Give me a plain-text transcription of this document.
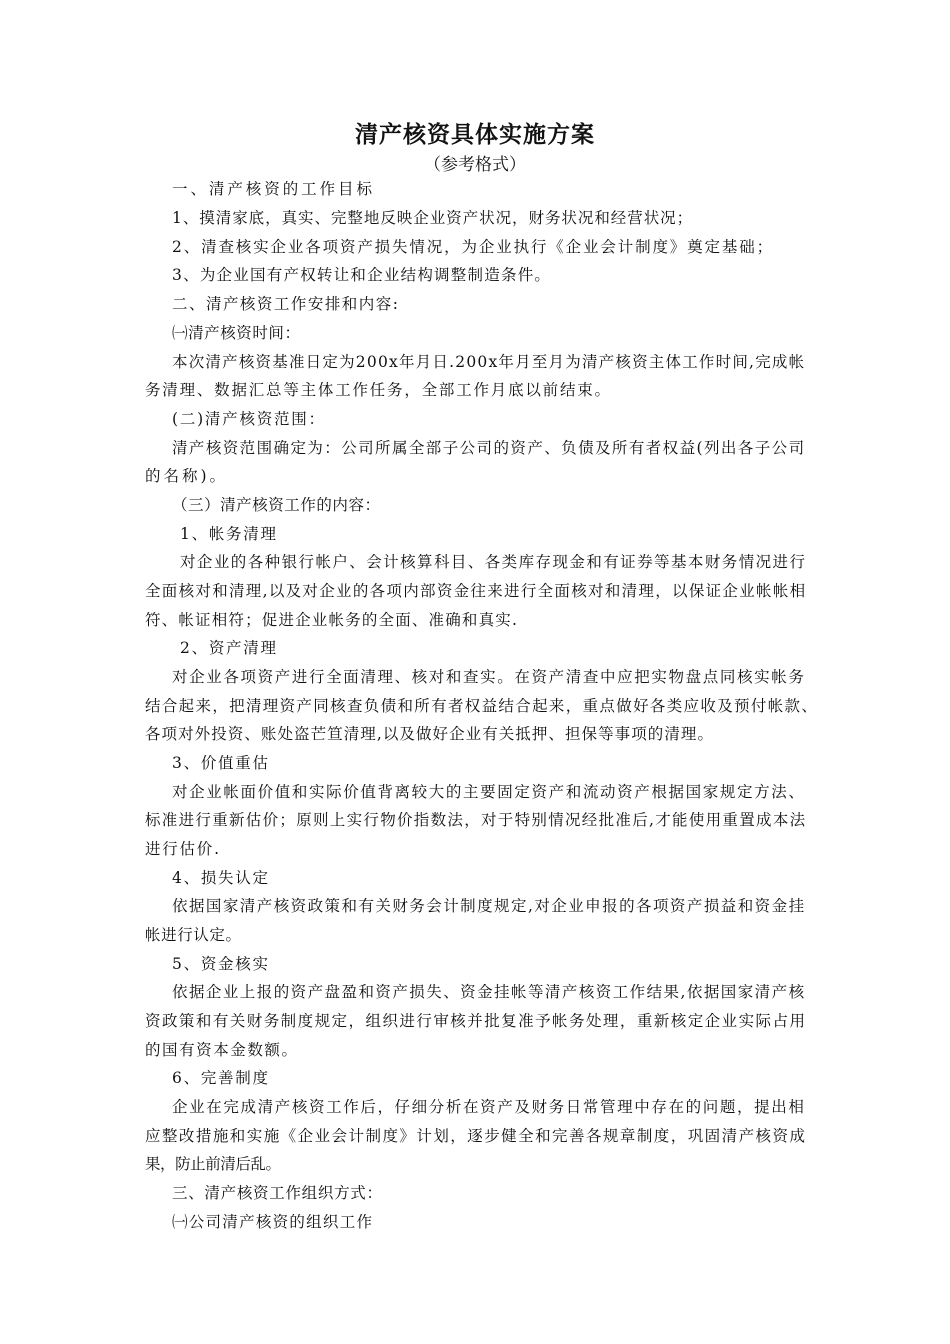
清产核资具体实施方案
（参考格式）
一、清产核资的工作目标
1、摸清家底，真实、完整地反映企业资产状况，财务状况和经营状况；
2、清查核实企业各项资产损失情况，为企业执行《企业会计制度》奠定基础；
3、为企业国有产权转让和企业结构调整制造条件。
二、清产核资工作安排和内容:
㈠清产核资时间：
本次清产核资基准日定为200x年月日.200x年月至月为清产核资主体工作时间,完成帐
务清理、数据汇总等主体工作任务，全部工作月底以前结束。
(二)清产核资范围：
清产核资范围确定为：公司所属全部子公司的资产、负债及所有者权益(列出各子公司
的名称)。
（三）清产核资工作的内容：
1、帐务清理
对企业的各种银行帐户、会计核算科目、各类库存现金和有证券等基本财务情况进行
全面核对和清理,以及对企业的各项内部资金往来进行全面核对和清理，以保证企业帐帐相
符、帐证相符；促进企业帐务的全面、准确和真实.
2、资产清理
对企业各项资产进行全面清理、核对和查实。在资产清查中应把实物盘点同核实帐务
结合起来，把清理资产同核查负债和所有者权益结合起来，重点做好各类应收及预付帐款、
各项对外投资、账处盗芒笪清理,以及做好企业有关抵押、担保等事项的清理。
3、价值重估
对企业帐面价值和实际价值背离较大的主要固定资产和流动资产根据国家规定方法、
标准进行重新估价；原则上实行物价指数法，对于特别情况经批准后,才能使用重置成本法
进行估价.
4、损失认定
依据国家清产核资政策和有关财务会计制度规定,对企业申报的各项资产损益和资金挂
帐进行认定。
5、资金核实
依据企业上报的资产盘盈和资产损失、资金挂帐等清产核资工作结果,依据国家清产核
资政策和有关财务制度规定，组织进行审核并批复准予帐务处理，重新核定企业实际占用
的国有资本金数额。
6、完善制度
企业在完成清产核资工作后，仔细分析在资产及财务日常管理中存在的问题，提出相
应整改措施和实施《企业会计制度》计划，逐步健全和完善各规章制度，巩固清产核资成
果，防止前清后乱。
三、清产核资工作组织方式：
㈠公司清产核资的组织工作
